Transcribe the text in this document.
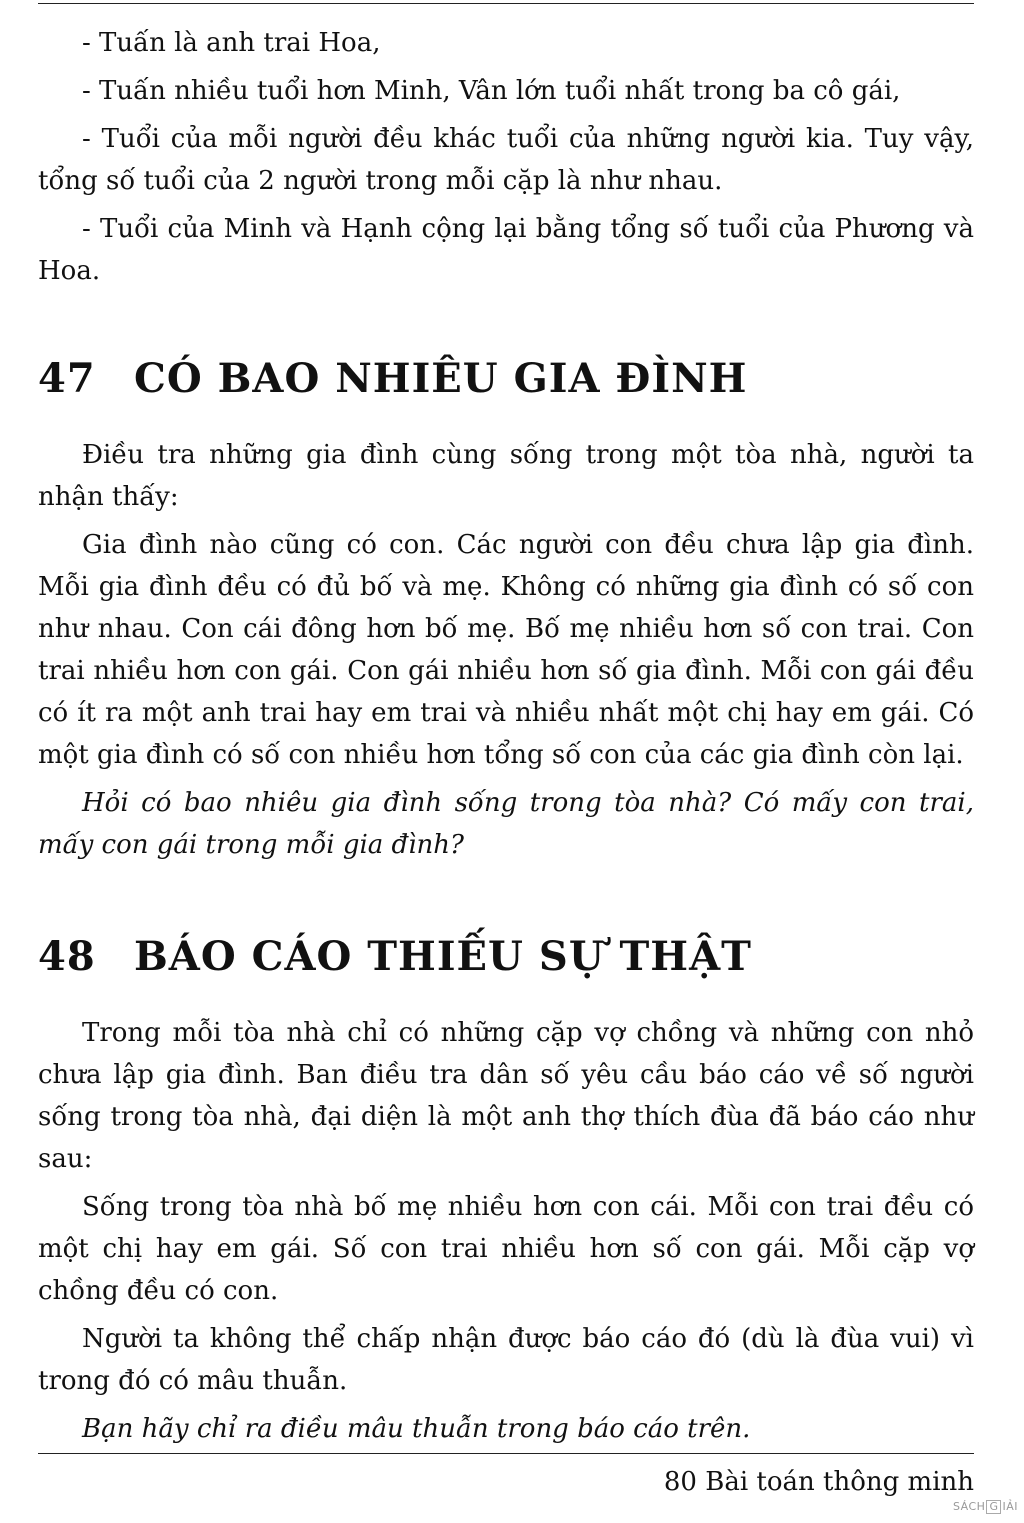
- Tuấn là anh trai Hoa,

- Tuấn nhiều tuổi hơn Minh, Vân lớn tuổi nhất trong ba cô gái,

- Tuổi của mỗi người đều khác tuổi của những người kia. Tuy vậy, tổng số tuổi của 2 người trong mỗi cặp là như nhau.

- Tuổi của Minh và Hạnh cộng lại bằng tổng số tuổi của Phương và Hoa.

47 CÓ BAO NHIÊU GIA ĐÌNH

Điều tra những gia đình cùng sống trong một tòa nhà, người ta nhận thấy:

Gia đình nào cũng có con. Các người con đều chưa lập gia đình. Mỗi gia đình đều có đủ bố và mẹ. Không có những gia đình có số con như nhau. Con cái đông hơn bố mẹ. Bố mẹ nhiều hơn số con trai. Con trai nhiều hơn con gái. Con gái nhiều hơn số gia đình. Mỗi con gái đều có ít ra một anh trai hay em trai và nhiều nhất một chị hay em gái. Có một gia đình có số con nhiều hơn tổng số con của các gia đình còn lại.

Hỏi có bao nhiêu gia đình sống trong tòa nhà? Có mấy con trai, mấy con gái trong mỗi gia đình?

48 BÁO CÁO THIẾU SỰ THẬT

Trong mỗi tòa nhà chỉ có những cặp vợ chồng và những con nhỏ chưa lập gia đình. Ban điều tra dân số yêu cầu báo cáo về số người sống trong tòa nhà, đại diện là một anh thợ thích đùa đã báo cáo như sau:

Sống trong tòa nhà bố mẹ nhiều hơn con cái. Mỗi con trai đều có một chị hay em gái. Số con trai nhiều hơn số con gái. Mỗi cặp vợ chồng đều có con.

Người ta không thể chấp nhận được báo cáo đó (dù là đùa vui) vì trong đó có mâu thuẫn.

Bạn hãy chỉ ra điều mâu thuẫn trong báo cáo trên.

80 Bài toán thông minh
SÁCH G IẢI
